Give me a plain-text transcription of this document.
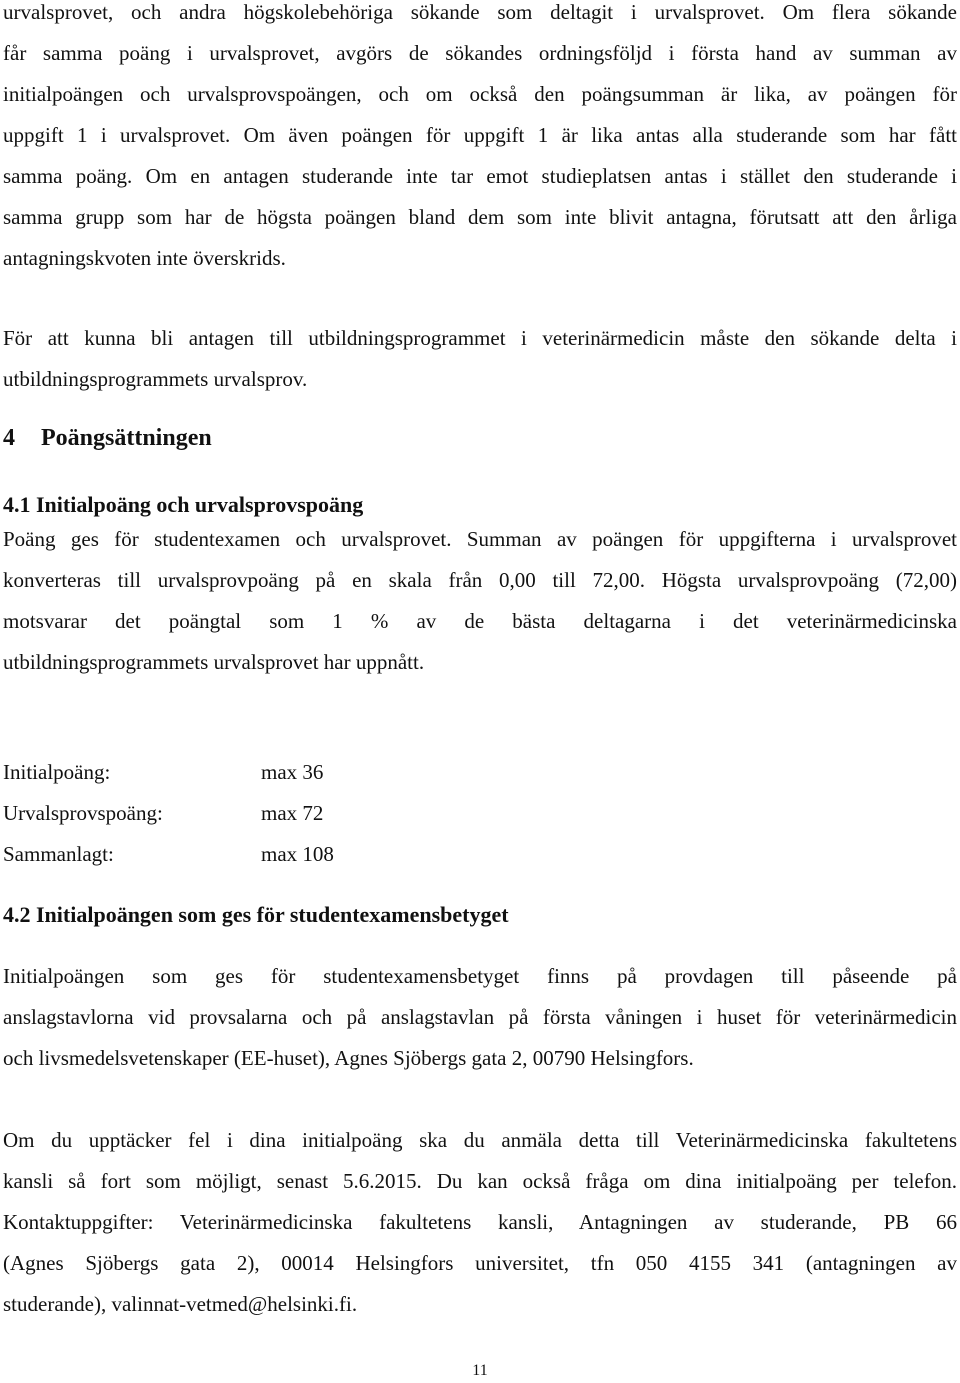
urvalsprovet, och andra högskolebehöriga sökande som deltagit i urvalsprovet. Om flera sökande
får samma poäng i urvalsprovet, avgörs de sökandes ordningsföljd i första hand av summan av
initialpoängen och urvalsprovspoängen, och om också den poängsumman är lika, av poängen för
uppgift 1 i urvalsprovet. Om även poängen för uppgift 1 är lika antas alla studerande som har fått
samma poäng. Om en antagen studerande inte tar emot studieplatsen antas i stället den studerande i
samma grupp som har de högsta poängen bland dem som inte blivit antagna, förutsatt att den årliga
antagningskvoten inte överskrids.
För att kunna bli antagen till utbildningsprogrammet i veterinärmedicin måste den sökande delta i
utbildningsprogrammets urvalsprov.
4 Poängsättningen
4.1 Initialpoäng och urvalsprovspoäng
Poäng ges för studentexamen och urvalsprovet. Summan av poängen för uppgifterna i urvalsprovet
konverteras till urvalsprovpoäng på en skala från 0,00 till 72,00. Högsta urvalsprovpoäng (72,00)
motsvarar det poängtal som 1 % av de bästa deltagarna i det veterinärmedicinska
utbildningsprogrammets urvalsprovet har uppnått.
Initialpoäng:	max 36
Urvalsprovspoäng:	max 72
Sammanlagt:	max 108
4.2 Initialpoängen som ges för studentexamensbetyget
Initialpoängen som ges för studentexamensbetyget finns på provdagen till påseende på
anslagstavlorna vid provsalarna och på anslagstavlan på första våningen i huset för veterinärmedicin
och livsmedelsvetenskaper (EE-huset), Agnes Sjöbergs gata 2, 00790 Helsingfors.
Om du upptäcker fel i dina initialpoäng ska du anmäla detta till Veterinärmedicinska fakultetens
kansli så fort som möjligt, senast 5.6.2015. Du kan också fråga om dina initialpoäng per telefon.
Kontaktuppgifter: Veterinärmedicinska fakultetens kansli, Antagningen av studerande, PB 66
(Agnes Sjöbergs gata 2), 00014 Helsingfors universitet, tfn 050 4155 341 (antagningen av
studerande), valinnat-vetmed@helsinki.fi.
11
